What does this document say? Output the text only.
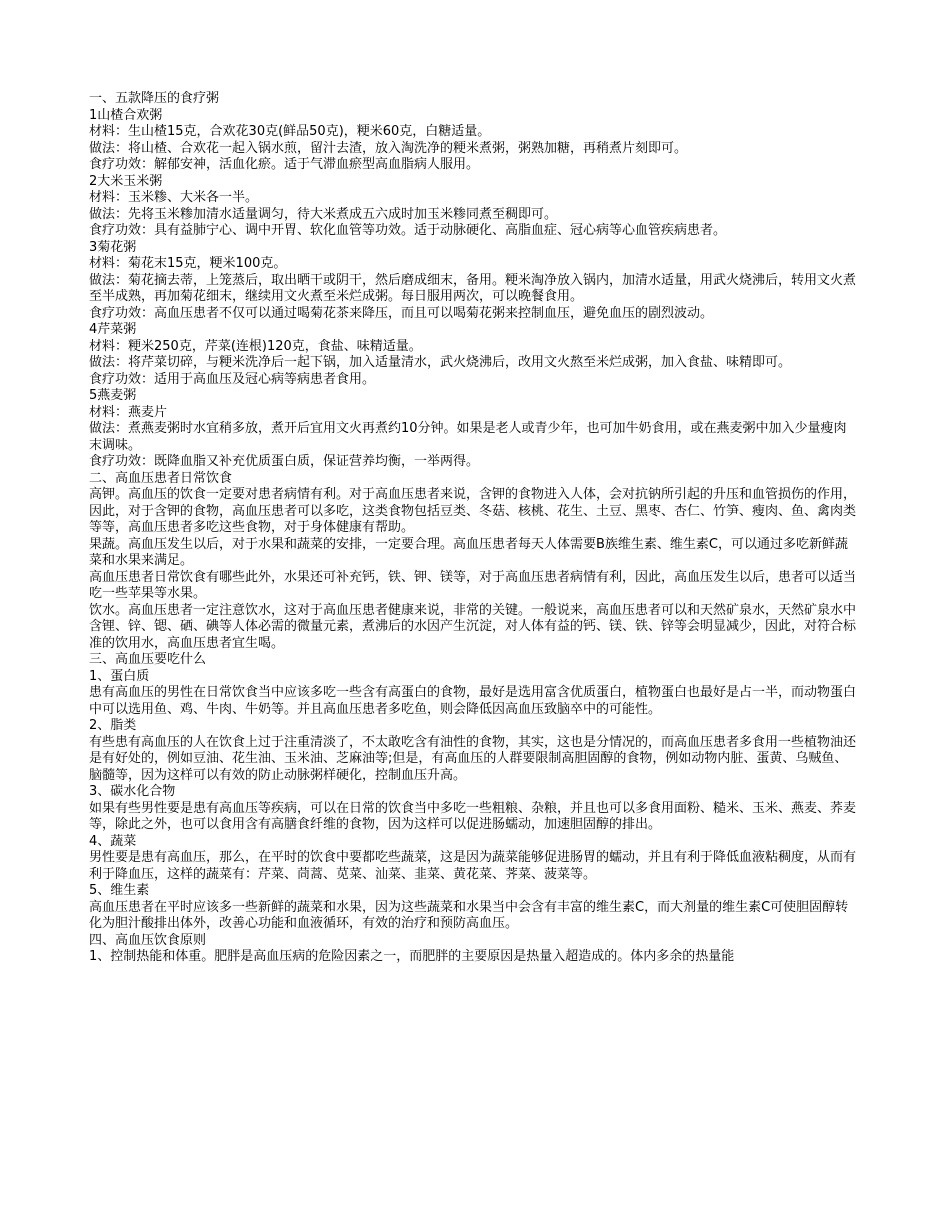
一、五款降压的食疗粥

1山楂合欢粥

材料：生山楂15克，合欢花30克(鲜品50克)，粳米60克，白糖适量。

做法：将山楂、合欢花一起入锅水煎，留汁去渣，放入淘洗净的粳米煮粥，粥熟加糖，再稍煮片刻即可。

食疗功效：解郁安神，活血化瘀。适于气滞血瘀型高血脂病人服用。

2大米玉米粥

材料：玉米糁、大米各一半。

做法：先将玉米糁加清水适量调匀，待大米煮成五六成时加玉米糁同煮至稠即可。

食疗功效：具有益肺宁心、调中开胃、软化血管等功效。适于动脉硬化、高脂血症、冠心病等心血管疾病患者。

3菊花粥

材料：菊花末15克，粳米100克。

做法：菊花摘去蒂，上笼蒸后，取出晒干或阴干，然后磨成细末，备用。粳米淘净放入锅内，加清水适量，用武火烧沸后，转用文火煮至半成熟，再加菊花细末，继续用文火煮至米烂成粥。每日服用两次，可以晚餐食用。

食疗功效：高血压患者不仅可以通过喝菊花茶来降压，而且可以喝菊花粥来控制血压，避免血压的剧烈波动。

4芹菜粥

材料：粳米250克，芹菜(连根)120克，食盐、味精适量。

做法：将芹菜切碎，与粳米洗净后一起下锅，加入适量清水，武火烧沸后，改用文火熬至米烂成粥，加入食盐、味精即可。

食疗功效：适用于高血压及冠心病等病患者食用。

5燕麦粥

材料：燕麦片

做法：煮燕麦粥时水宜稍多放，煮开后宜用文火再煮约10分钟。如果是老人或青少年，也可加牛奶食用，或在燕麦粥中加入少量瘦肉末调味。

食疗功效：既降血脂又补充优质蛋白质，保证营养均衡，一举两得。

二、高血压患者日常饮食

高钾。高血压的饮食一定要对患者病情有利。对于高血压患者来说，含钾的食物进入人体，会对抗钠所引起的升压和血管损伤的作用，因此，对于含钾的食物，高血压患者可以多吃，这类食物包括豆类、冬菇、核桃、花生、土豆、黑枣、杏仁、竹笋、瘦肉、鱼、禽肉类等等，高血压患者多吃这些食物，对于身体健康有帮助。

果蔬。高血压发生以后，对于水果和蔬菜的安排，一定要合理。高血压患者每天人体需要B族维生素、维生素C，可以通过多吃新鲜蔬菜和水果来满足。

高血压患者日常饮食有哪些此外，水果还可补充钙，铁、钾、镁等，对于高血压患者病情有利，因此，高血压发生以后，患者可以适当吃一些苹果等水果。

饮水。高血压患者一定注意饮水，这对于高血压患者健康来说，非常的关键。一般说来，高血压患者可以和天然矿泉水，天然矿泉水中含锂、锌、锶、硒、碘等人体必需的微量元素，煮沸后的水因产生沉淀，对人体有益的钙、镁、铁、锌等会明显减少，因此，对符合标准的饮用水，高血压患者宜生喝。

三、高血压要吃什么

1、蛋白质

患有高血压的男性在日常饮食当中应该多吃一些含有高蛋白的食物，最好是选用富含优质蛋白，植物蛋白也最好是占一半，而动物蛋白中可以选用鱼、鸡、牛肉、牛奶等。并且高血压患者多吃鱼，则会降低因高血压致脑卒中的可能性。

2、脂类

有些患有高血压的人在饮食上过于注重清淡了，不太敢吃含有油性的食物，其实，这也是分情况的，而高血压患者多食用一些植物油还是有好处的，例如豆油、花生油、玉米油、芝麻油等;但是，有高血压的人群要限制高胆固醇的食物，例如动物内脏、蛋黄、乌贼鱼、脑髓等，因为这样可以有效的防止动脉粥样硬化，控制血压升高。

3、碳水化合物

如果有些男性要是患有高血压等疾病，可以在日常的饮食当中多吃一些粗粮、杂粮，并且也可以多食用面粉、糙米、玉米、燕麦、荞麦等，除此之外，也可以食用含有高膳食纤维的食物，因为这样可以促进肠蠕动，加速胆固醇的排出。

4、蔬菜

男性要是患有高血压，那么，在平时的饮食中要都吃些蔬菜，这是因为蔬菜能够促进肠胃的蠕动，并且有利于降低血液粘稠度，从而有利于降血压，这样的蔬菜有：芹菜、茼蒿、苋菜、汕菜、韭菜、黄花菜、荠菜、菠菜等。

5、维生素

高血压患者在平时应该多一些新鲜的蔬菜和水果，因为这些蔬菜和水果当中会含有丰富的维生素C，而大剂量的维生素C可使胆固醇转化为胆汁酸排出体外，改善心功能和血液循环，有效的治疗和预防高血压。

四、高血压饮食原则

1、控制热能和体重。肥胖是高血压病的危险因素之一，而肥胖的主要原因是热量入超造成的。体内多余的热量能
